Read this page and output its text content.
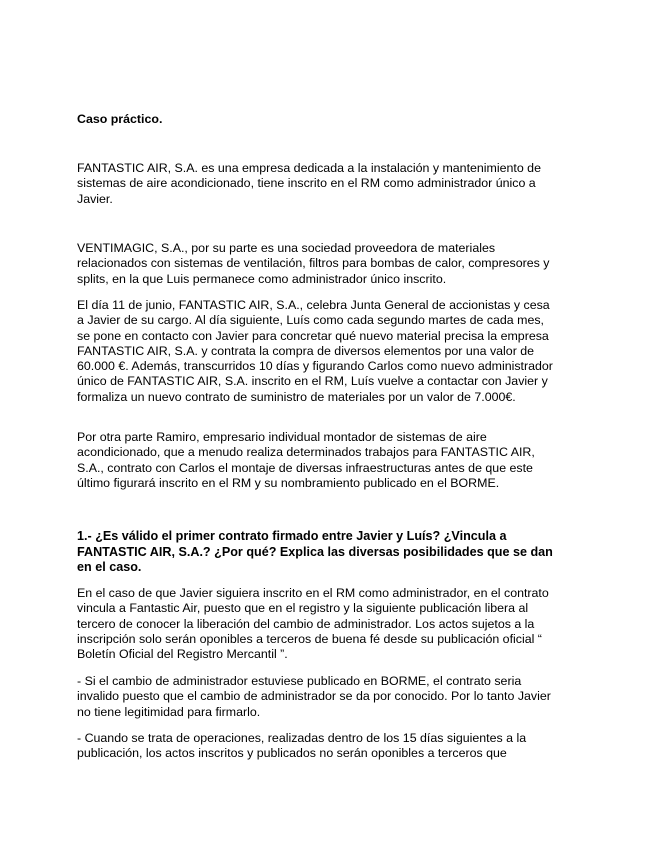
Caso práctico.

FANTASTIC AIR, S.A. es una empresa dedicada a la instalación y mantenimiento de sistemas de aire acondicionado, tiene inscrito en el RM como administrador único a Javier.

VENTIMAGIC, S.A., por su parte es una sociedad proveedora de materiales relacionados con sistemas de ventilación, filtros para bombas de calor, compresores y splits, en la que Luis permanece como administrador único inscrito.

El día 11 de junio, FANTASTIC AIR, S.A., celebra Junta General de accionistas y cesa a Javier de su cargo. Al día siguiente, Luís como cada segundo martes de cada mes, se pone en contacto con Javier para concretar qué nuevo material precisa la empresa FANTASTIC AIR, S.A. y contrata la compra de diversos elementos por una valor de 60.000 €. Además, transcurridos 10 días y figurando Carlos como nuevo administrador único de FANTASTIC AIR, S.A. inscrito en el RM, Luís vuelve a contactar con Javier y formaliza un nuevo contrato de suministro de materiales por un valor de 7.000€.

Por otra parte Ramiro, empresario individual montador de sistemas de aire acondicionado, que a menudo realiza determinados trabajos para FANTASTIC AIR, S.A., contrato con Carlos el montaje de diversas infraestructuras antes de que este último figurará inscrito en el RM y su nombramiento publicado en el BORME.

1.- ¿Es válido el primer contrato firmado entre Javier y Luís? ¿Vincula a FANTASTIC AIR, S.A.? ¿Por qué? Explica las diversas posibilidades que se dan en el caso.

En el caso de que Javier siguiera inscrito en el RM como administrador, en el contrato vincula a Fantastic Air, puesto que en el registro y la siguiente publicación libera al tercero de conocer la liberación del cambio de administrador. Los actos sujetos a la inscripción solo serán oponibles a terceros de buena fé desde su publicación oficial “ Boletín Oficial del Registro Mercantil ”.

- Si el cambio de administrador estuviese publicado en BORME, el contrato seria invalido puesto que el cambio de administrador se da por conocido. Por lo tanto Javier no tiene legitimidad para firmarlo.

- Cuando se trata de operaciones, realizadas dentro de los 15 días siguientes a la publicación, los actos inscritos y publicados no serán oponibles a terceros que
